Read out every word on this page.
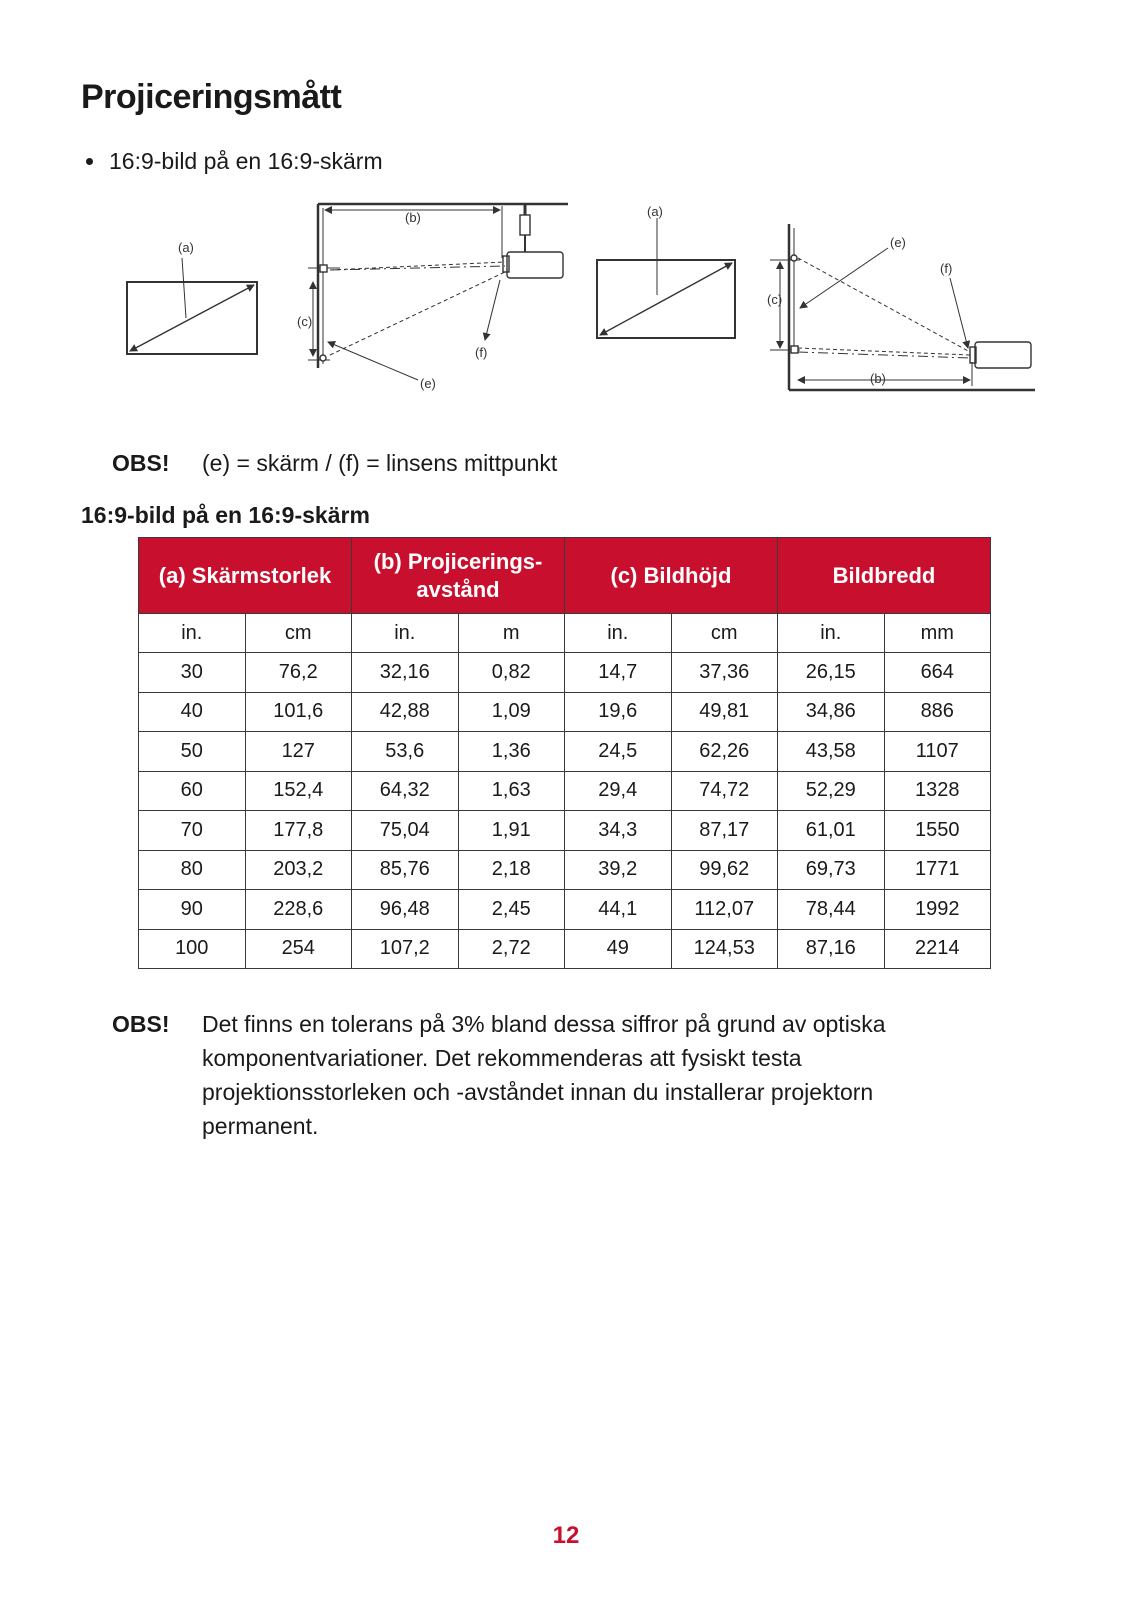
Projiceringsmått
16:9-bild på en 16:9-skärm
(a)
(b)
(c)
(e)
(f)
(a)
(b)
(c)
(e)
(f)
OBS!	(e) = skärm / (f) = linsens mittpunkt
16:9-bild på en 16:9-skärm
(a) Skärmstorlek		(b) Projicerings-
avstånd		(c) Bildhöjd		Bildbredd	
in.	cm	in.	m	in.	cm	in.	mm
30	76,2	32,16	0,82	14,7	37,36	26,15	664
40	101,6	42,88	1,09	19,6	49,81	34,86	886
50	127	53,6	1,36	24,5	62,26	43,58	1107
60	152,4	64,32	1,63	29,4	74,72	52,29	1328
70	177,8	75,04	1,91	34,3	87,17	61,01	1550
80	203,2	85,76	2,18	39,2	99,62	69,73	1771
90	228,6	96,48	2,45	44,1	112,07	78,44	1992
100	254	107,2	2,72	49	124,53	87,16	2214
OBS!	Det finns en tolerans på 3% bland dessa siffror på grund av optiska komponentvariationer. Det rekommenderas att fysiskt testa projektionsstorleken och -avståndet innan du installerar projektorn permanent.
12
